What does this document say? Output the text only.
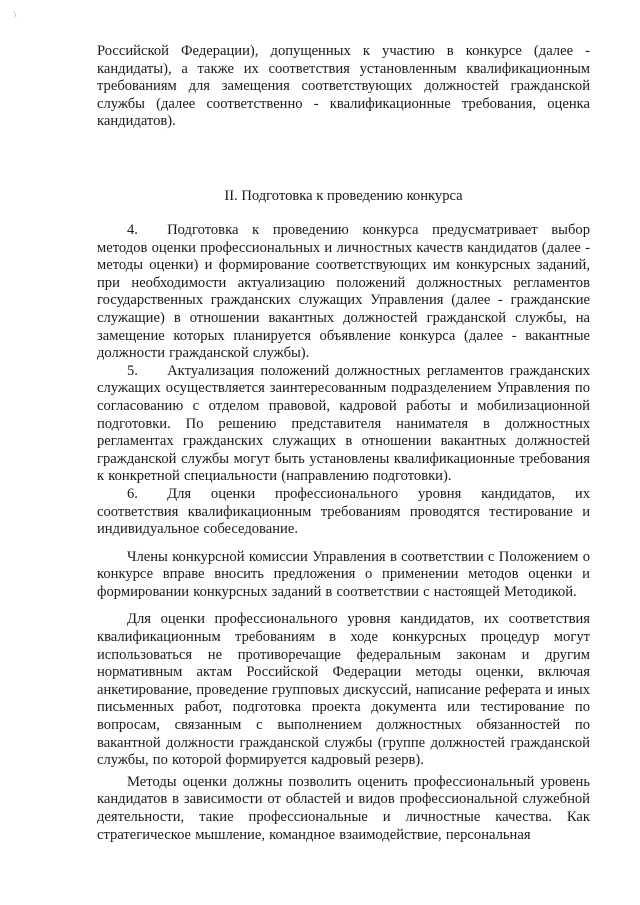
\

Российской Федерации), допущенных к участию в конкурсе (далее - кандидаты), а также их соответствия установленным квалификационным требованиям для замещения соответствующих должностей гражданской службы (далее соответственно - квалификационные требования, оценка кандидатов).

II. Подготовка к проведению конкурса

4.  Подготовка к проведению конкурса предусматривает выбор методов оценки профессиональных и личностных качеств кандидатов (далее - методы оценки) и формирование соответствующих им конкурсных заданий, при необходимости актуализацию положений должностных регламентов государственных гражданских служащих Управления (далее - гражданские служащие) в отношении вакантных должностей гражданской службы, на замещение которых планируется объявление конкурса (далее - вакантные должности гражданской службы).

5.  Актуализация положений должностных регламентов гражданских служащих осуществляется заинтересованным подразделением Управления по согласованию с отделом правовой, кадровой работы и мобилизационной подготовки. По решению представителя нанимателя в должностных регламентах гражданских служащих в отношении вакантных должностей гражданской службы могут быть установлены квалификационные требования к конкретной специальности (направлению подготовки).

6.  Для оценки профессионального уровня кандидатов, их соответствия квалификационным требованиям проводятся тестирование и индивидуальное собеседование.

Члены конкурсной комиссии Управления в соответствии с Положением о конкурсе вправе вносить предложения о применении методов оценки и формировании конкурсных заданий в соответствии с настоящей Методикой.

Для оценки профессионального уровня кандидатов, их соответствия квалификационным требованиям в ходе конкурсных процедур могут использоваться не противоречащие федеральным законам и другим нормативным актам Российской Федерации методы оценки, включая анкетирование, проведение групповых дискуссий, написание реферата и иных письменных работ, подготовка проекта документа или тестирование по вопросам, связанным с выполнением должностных обязанностей по вакантной должности гражданской службы (группе должностей гражданской службы, по которой формируется кадровый резерв).

Методы оценки должны позволить оценить профессиональный уровень кандидатов в зависимости от областей и видов профессиональной служебной деятельности, такие профессиональные и личностные качества. Как стратегическое мышление, командное взаимодействие, персональная
